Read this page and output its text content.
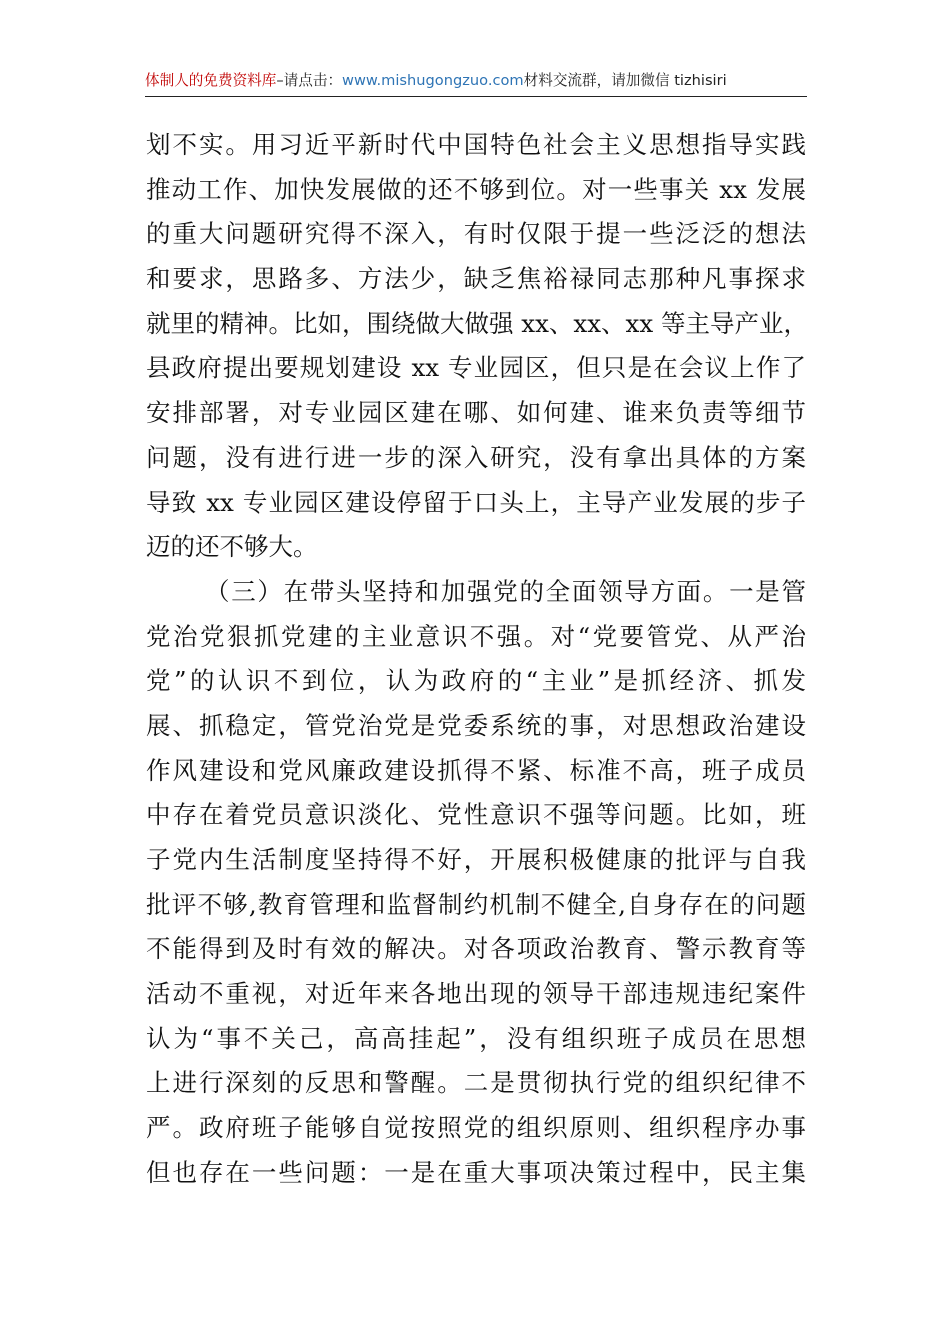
体制人的免费资料库–请点击：www.mishugongzuo.com材料交流群，请加微信 tizhisiri
划不实。用习近平新时代中国特色社会主义思想指导实践
推动工作、加快发展做的还不够到位。对一些事关 xx 发展
的重大问题研究得不深入，有时仅限于提一些泛泛的想法
和要求，思路多、方法少，缺乏焦裕禄同志那种凡事探求
就里的精神。比如，围绕做大做强 xx、xx、xx 等主导产业，
县政府提出要规划建设 xx 专业园区，但只是在会议上作了
安排部署，对专业园区建在哪、如何建、谁来负责等细节
问题，没有进行进一步的深入研究，没有拿出具体的方案
导致 xx 专业园区建设停留于口头上，主导产业发展的步子
迈的还不够大。
（三）在带头坚持和加强党的全面领导方面。一是管
党治党狠抓党建的主业意识不强。对“党要管党、从严治
党”的认识不到位，认为政府的“主业”是抓经济、抓发
展、抓稳定，管党治党是党委系统的事，对思想政治建设
作风建设和党风廉政建设抓得不紧、标准不高，班子成员
中存在着党员意识淡化、党性意识不强等问题。比如，班
子党内生活制度坚持得不好，开展积极健康的批评与自我
批评不够,教育管理和监督制约机制不健全,自身存在的问题
不能得到及时有效的解决。对各项政治教育、警示教育等
活动不重视，对近年来各地出现的领导干部违规违纪案件
认为“事不关己，高高挂起”，没有组织班子成员在思想
上进行深刻的反思和警醒。二是贯彻执行党的组织纪律不
严。政府班子能够自觉按照党的组织原则、组织程序办事
但也存在一些问题：一是在重大事项决策过程中，民主集
